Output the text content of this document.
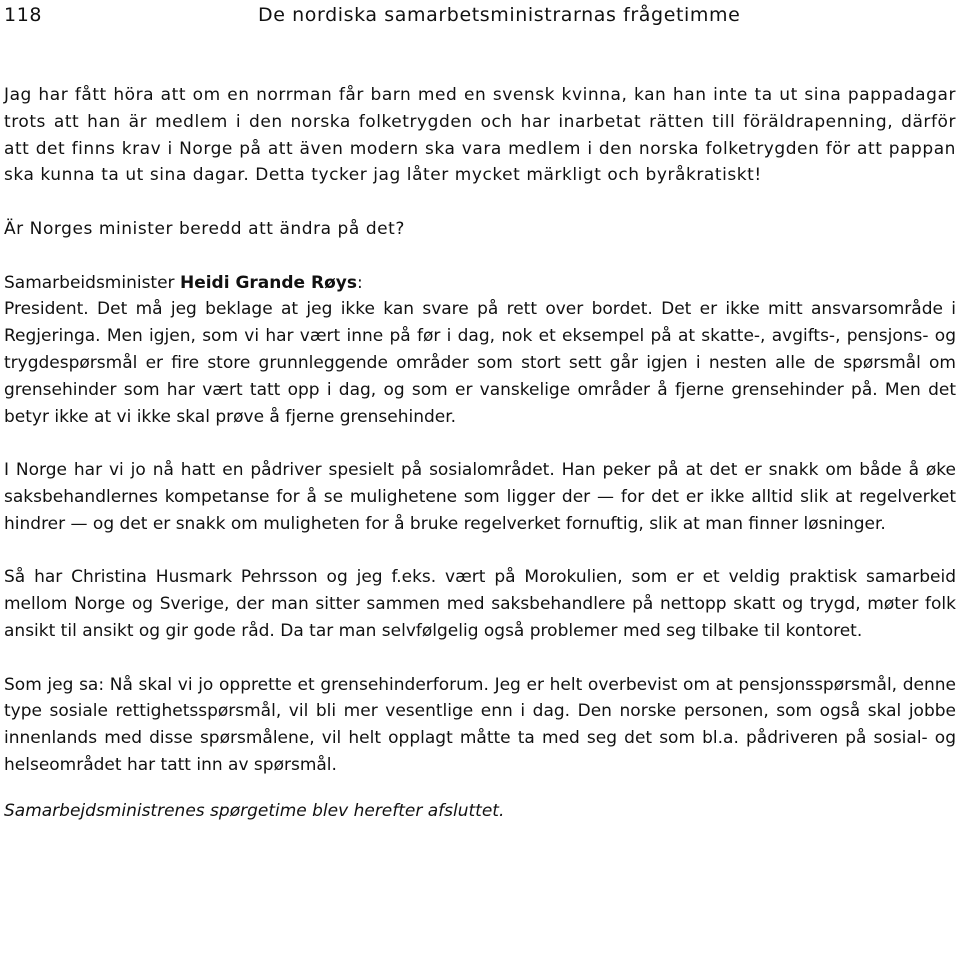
118	De nordiska samarbetsministrarnas frågetimme

Jag har fått höra att om en norrman får barn med en svensk kvinna, kan han inte ta ut sina pappadagar trots att han är medlem i den norska folketrygden och har inarbetat rätten till föräldrapenning, därför att det finns krav i Norge på att även modern ska vara medlem i den norska folketrygden för att pappan ska kunna ta ut sina dagar. Detta tycker jag låter mycket märkligt och byråkratiskt!

Är Norges minister beredd att ändra på det?

Samarbeidsminister Heidi Grande Røys:

President. Det må jeg beklage at jeg ikke kan svare på rett over bordet. Det er ikke mitt ansvarsområde i Regjeringa. Men igjen, som vi har vært inne på før i dag, nok et eksempel på at skatte-, avgifts-, pensjons- og trygdespørsmål er fire store grunnleggende områder som stort sett går igjen i nesten alle de spørsmål om grensehinder som har vært tatt opp i dag, og som er vanskelige områder å fjerne grensehinder på. Men det betyr ikke at vi ikke skal prøve å fjerne grensehinder.

I Norge har vi jo nå hatt en pådriver spesielt på sosialområdet. Han peker på at det er snakk om både å øke saksbehandlernes kompetanse for å se mulighetene som ligger der — for det er ikke alltid slik at regelverket hindrer — og det er snakk om muligheten for å bruke regelverket fornuftig, slik at man finner løsninger.

Så har Christina Husmark Pehrsson og jeg f.eks. vært på Morokulien, som er et veldig praktisk samarbeid mellom Norge og Sverige, der man sitter sammen med saksbehandlere på nettopp skatt og trygd, møter folk ansikt til ansikt og gir gode råd. Da tar man selvfølgelig også problemer med seg tilbake til kontoret.

Som jeg sa: Nå skal vi jo opprette et grensehinderforum. Jeg er helt overbevist om at pensjonsspørsmål, denne type sosiale rettighetsspørsmål, vil bli mer vesentlige enn i dag. Den norske personen, som også skal jobbe innenlands med disse spørsmålene, vil helt opplagt måtte ta med seg det som bl.a. pådriveren på sosial- og helseområdet har tatt inn av spørsmål.

Samarbejdsministrenes spørgetime blev herefter afsluttet.
